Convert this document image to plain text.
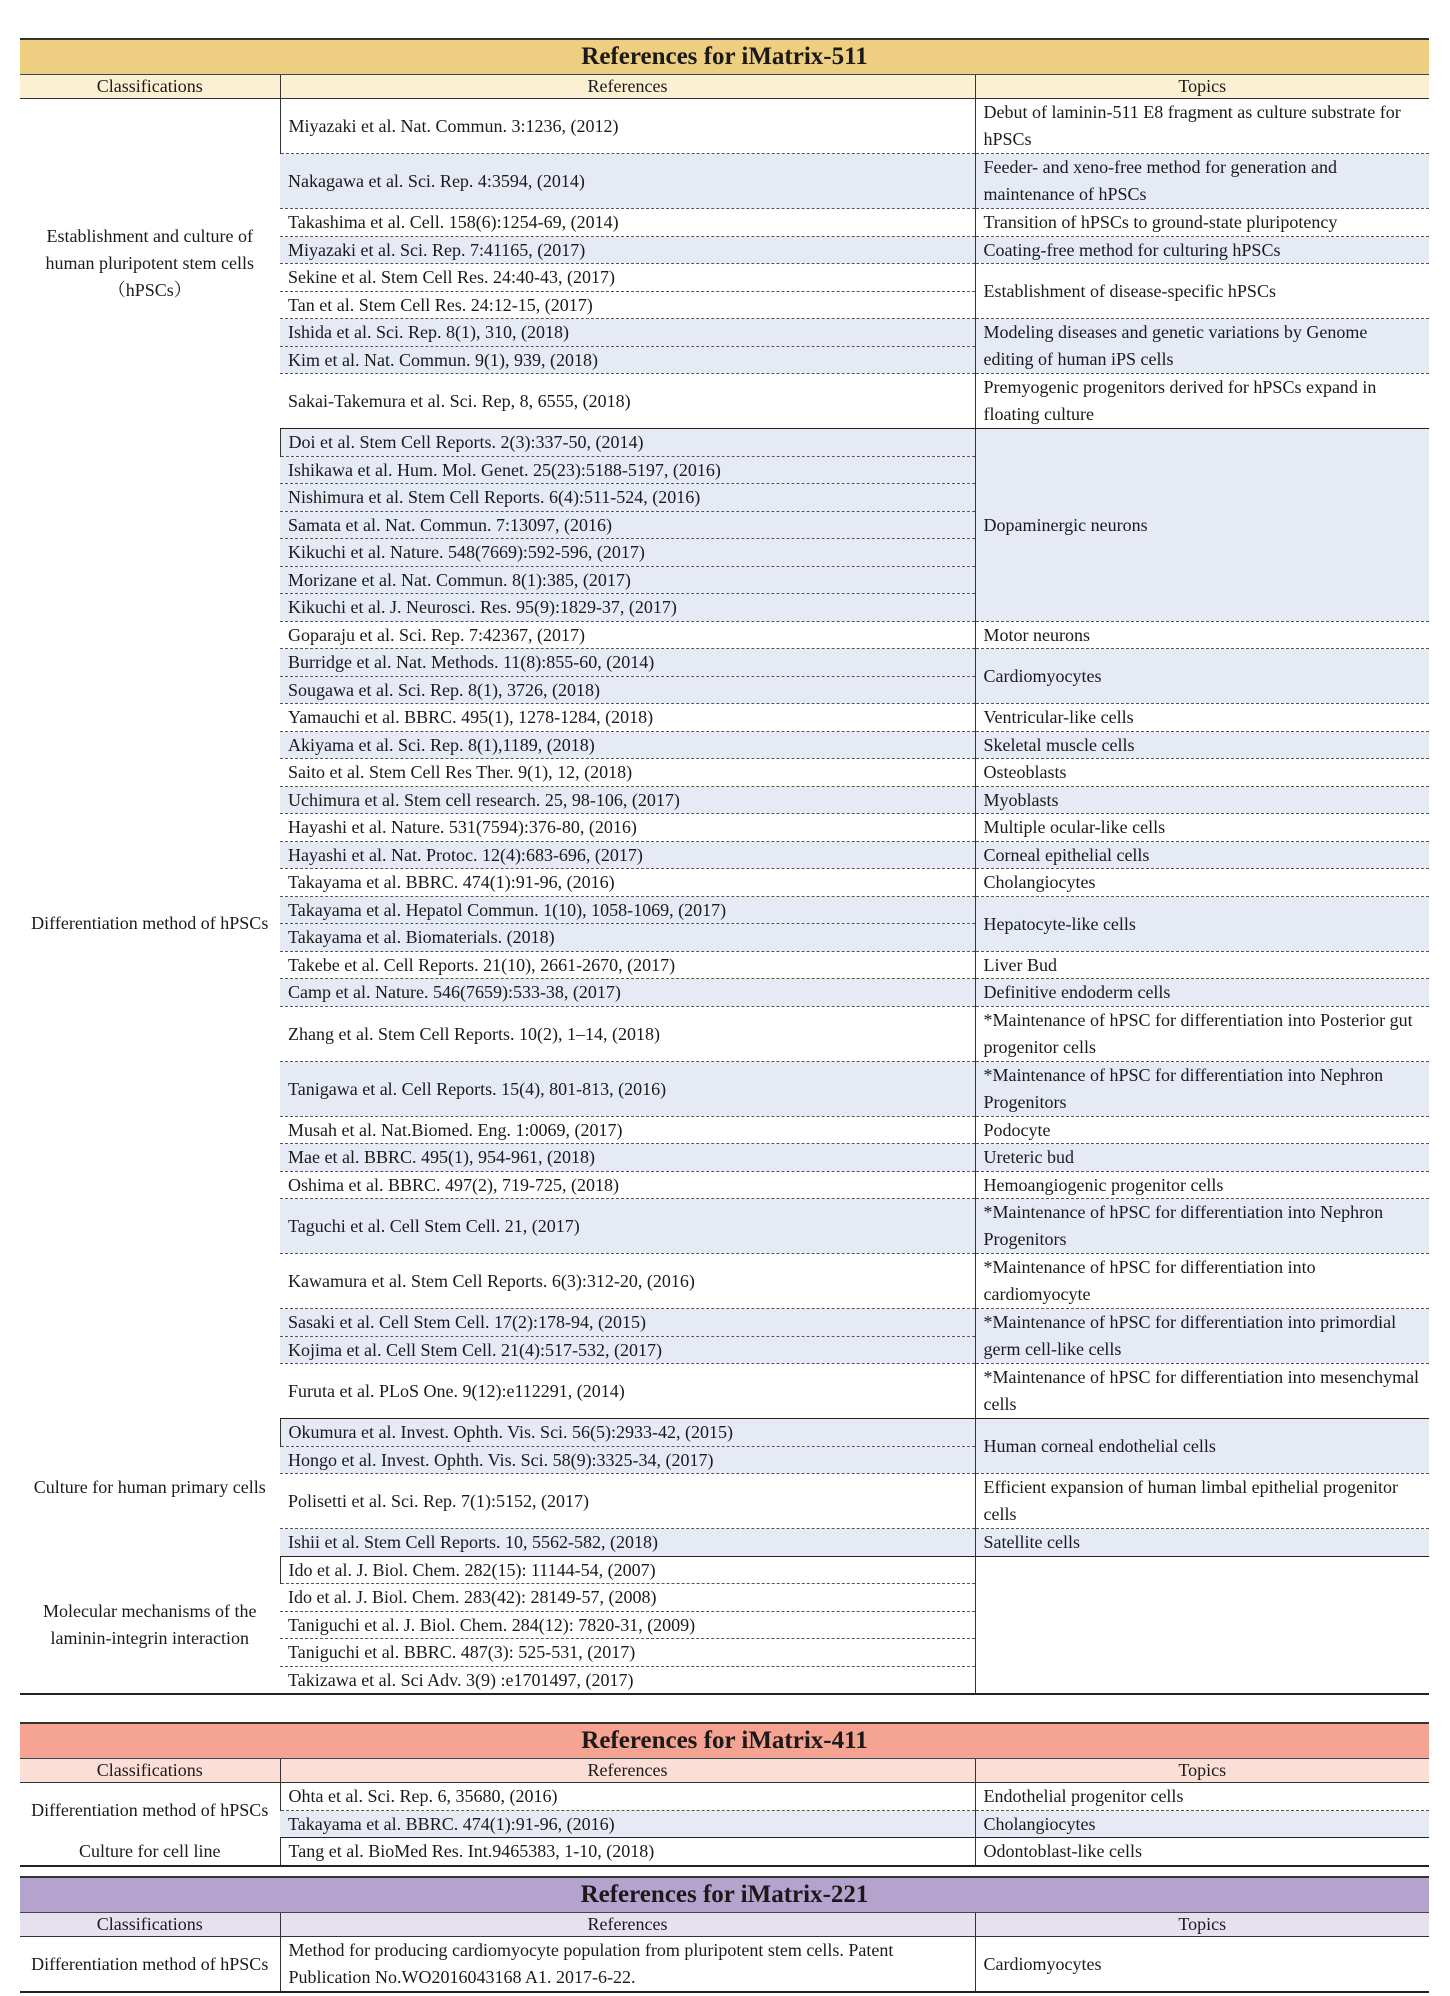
References for iMatrix-511
Classifications	References	Topics
Establishment and culture of human pluripotent stem cells （hPSCs）	Miyazaki et al. Nat. Commun. 3:1236, (2012)	Debut of laminin-511 E8 fragment as culture substrate for hPSCs
	Nakagawa et al. Sci. Rep. 4:3594, (2014)	Feeder- and xeno-free method for generation and maintenance of hPSCs
	Takashima et al. Cell. 158(6):1254-69, (2014)	Transition of hPSCs to ground-state pluripotency
	Miyazaki et al. Sci. Rep. 7:41165, (2017)	Coating-free method for culturing hPSCs
	Sekine et al. Stem Cell Res. 24:40-43, (2017)	Establishment of disease-specific hPSCs
	Tan et al. Stem Cell Res. 24:12-15, (2017)	
	Ishida et al. Sci. Rep. 8(1), 310, (2018)	Modeling diseases and genetic variations by Genome editing of human iPS cells
	Kim et al. Nat. Commun. 9(1), 939, (2018)	
	Sakai-Takemura et al. Sci. Rep, 8, 6555, (2018)	Premyogenic progenitors derived for hPSCs expand in floating culture
Differentiation method of hPSCs	Doi et al. Stem Cell Reports. 2(3):337-50, (2014)	Dopaminergic neurons
	Ishikawa et al. Hum. Mol. Genet. 25(23):5188-5197, (2016)	
	Nishimura et al. Stem Cell Reports. 6(4):511-524, (2016)	
	Samata et al. Nat. Commun. 7:13097, (2016)	
	Kikuchi et al. Nature. 548(7669):592-596, (2017)	
	Morizane et al. Nat. Commun. 8(1):385, (2017)	
	Kikuchi et al. J. Neurosci. Res. 95(9):1829-37, (2017)	
	Goparaju et al. Sci. Rep. 7:42367, (2017)	Motor neurons
	Burridge et al. Nat. Methods. 11(8):855-60, (2014)	Cardiomyocytes
	Sougawa et al. Sci. Rep. 8(1), 3726, (2018)	
	Yamauchi et al. BBRC. 495(1), 1278-1284, (2018)	Ventricular-like cells
	Akiyama et al. Sci. Rep. 8(1),1189, (2018)	Skeletal muscle cells
	Saito et al. Stem Cell Res Ther. 9(1), 12, (2018)	Osteoblasts
	Uchimura et al. Stem cell research. 25, 98-106, (2017)	Myoblasts
	Hayashi et al. Nature. 531(7594):376-80, (2016)	Multiple ocular-like cells
	Hayashi et al. Nat. Protoc. 12(4):683-696, (2017)	Corneal epithelial cells
	Takayama et al. BBRC. 474(1):91-96, (2016)	Cholangiocytes
	Takayama et al. Hepatol Commun. 1(10), 1058-1069, (2017)	Hepatocyte-like cells
	Takayama et al. Biomaterials. (2018)	
	Takebe et al. Cell Reports. 21(10), 2661-2670, (2017)	Liver Bud
	Camp et al. Nature. 546(7659):533-38, (2017)	Definitive endoderm cells
	Zhang et al. Stem Cell Reports. 10(2), 1–14, (2018)	*Maintenance of hPSC for differentiation into Posterior gut progenitor cells
	Tanigawa et al. Cell Reports. 15(4), 801-813, (2016)	*Maintenance of hPSC for differentiation into Nephron Progenitors
	Musah et al. Nat.Biomed. Eng. 1:0069, (2017)	Podocyte
	Mae et al. BBRC. 495(1), 954-961, (2018)	Ureteric bud
	Oshima et al. BBRC. 497(2), 719-725, (2018)	Hemoangiogenic progenitor cells
	Taguchi et al. Cell Stem Cell. 21, (2017)	*Maintenance of hPSC for differentiation into Nephron Progenitors
	Kawamura et al. Stem Cell Reports. 6(3):312-20, (2016)	*Maintenance of hPSC for differentiation into cardiomyocyte
	Sasaki et al. Cell Stem Cell. 17(2):178-94, (2015)	*Maintenance of hPSC for differentiation into primordial germ cell-like cells
	Kojima et al. Cell Stem Cell. 21(4):517-532, (2017)	
	Furuta et al. PLoS One. 9(12):e112291, (2014)	*Maintenance of hPSC for differentiation into mesenchymal cells
Culture for human primary cells	Okumura et al. Invest. Ophth. Vis. Sci. 56(5):2933-42, (2015)	Human corneal endothelial cells
	Hongo et al. Invest. Ophth. Vis. Sci. 58(9):3325-34, (2017)	
	Polisetti et al. Sci. Rep. 7(1):5152, (2017)	Efficient expansion of human limbal epithelial progenitor cells
	Ishii et al. Stem Cell Reports. 10, 5562-582, (2018)	Satellite cells
Molecular mechanisms of the laminin-integrin interaction	Ido et al. J. Biol. Chem. 282(15): 11144-54, (2007)	
	Ido et al. J. Biol. Chem. 283(42): 28149-57, (2008)	
	Taniguchi et al. J. Biol. Chem. 284(12): 7820-31, (2009)	
	Taniguchi et al. BBRC. 487(3): 525-531, (2017)	
	Takizawa et al. Sci Adv. 3(9) :e1701497, (2017)	
References for iMatrix-411
Classifications	References	Topics
Differentiation method of hPSCs	Ohta et al. Sci. Rep. 6, 35680, (2016)	Endothelial progenitor cells
	Takayama et al. BBRC. 474(1):91-96, (2016)	Cholangiocytes
Culture for cell line	Tang et al. BioMed Res. Int.9465383, 1-10, (2018)	Odontoblast-like cells
References for iMatrix-221
Classifications	References	Topics
Differentiation method of hPSCs	Method for producing cardiomyocyte population from pluripotent stem cells. Patent Publication No.WO2016043168 A1. 2017-6-22.	Cardiomyocytes
